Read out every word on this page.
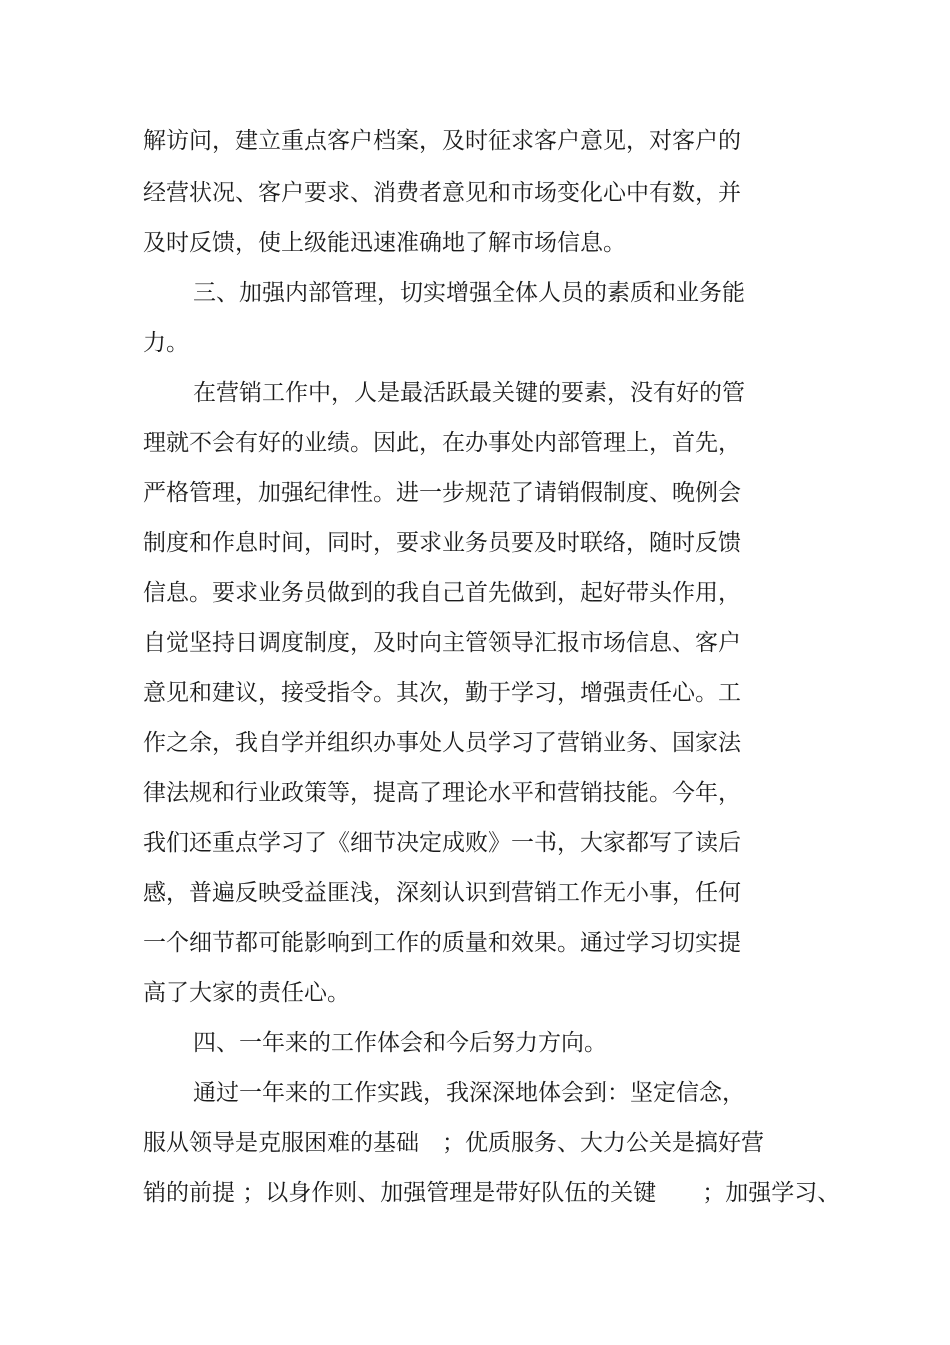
解访问，建立重点客户档案，及时征求客户意见，对客户的
经营状况、客户要求、消费者意见和市场变化心中有数，并
及时反馈，使上级能迅速准确地了解市场信息。
三、加强内部管理，切实增强全体人员的素质和业务能
力。
在营销工作中，人是最活跃最关键的要素，没有好的管
理就不会有好的业绩。因此，在办事处内部管理上，首先，
严格管理，加强纪律性。进一步规范了请销假制度、晚例会
制度和作息时间，同时，要求业务员要及时联络，随时反馈
信息。要求业务员做到的我自己首先做到，起好带头作用，
自觉坚持日调度制度，及时向主管领导汇报市场信息、客户
意见和建议，接受指令。其次，勤于学习，增强责任心。工
作之余，我自学并组织办事处人员学习了营销业务、国家法
律法规和行业政策等，提高了理论水平和营销技能。今年，
我们还重点学习了《细节决定成败》一书，大家都写了读后
感，普遍反映受益匪浅，深刻认识到营销工作无小事，任何
一个细节都可能影响到工作的质量和效果。通过学习切实提
高了大家的责任心。
四、一年来的工作体会和今后努力方向。
通过一年来的工作实践，我深深地体会到：坚定信念，
服从领导是克服困难的基础　；优质服务、大力公关是搞好营
销的前提 ；以身作则、加强管理是带好队伍的关键　　；加强学习、
